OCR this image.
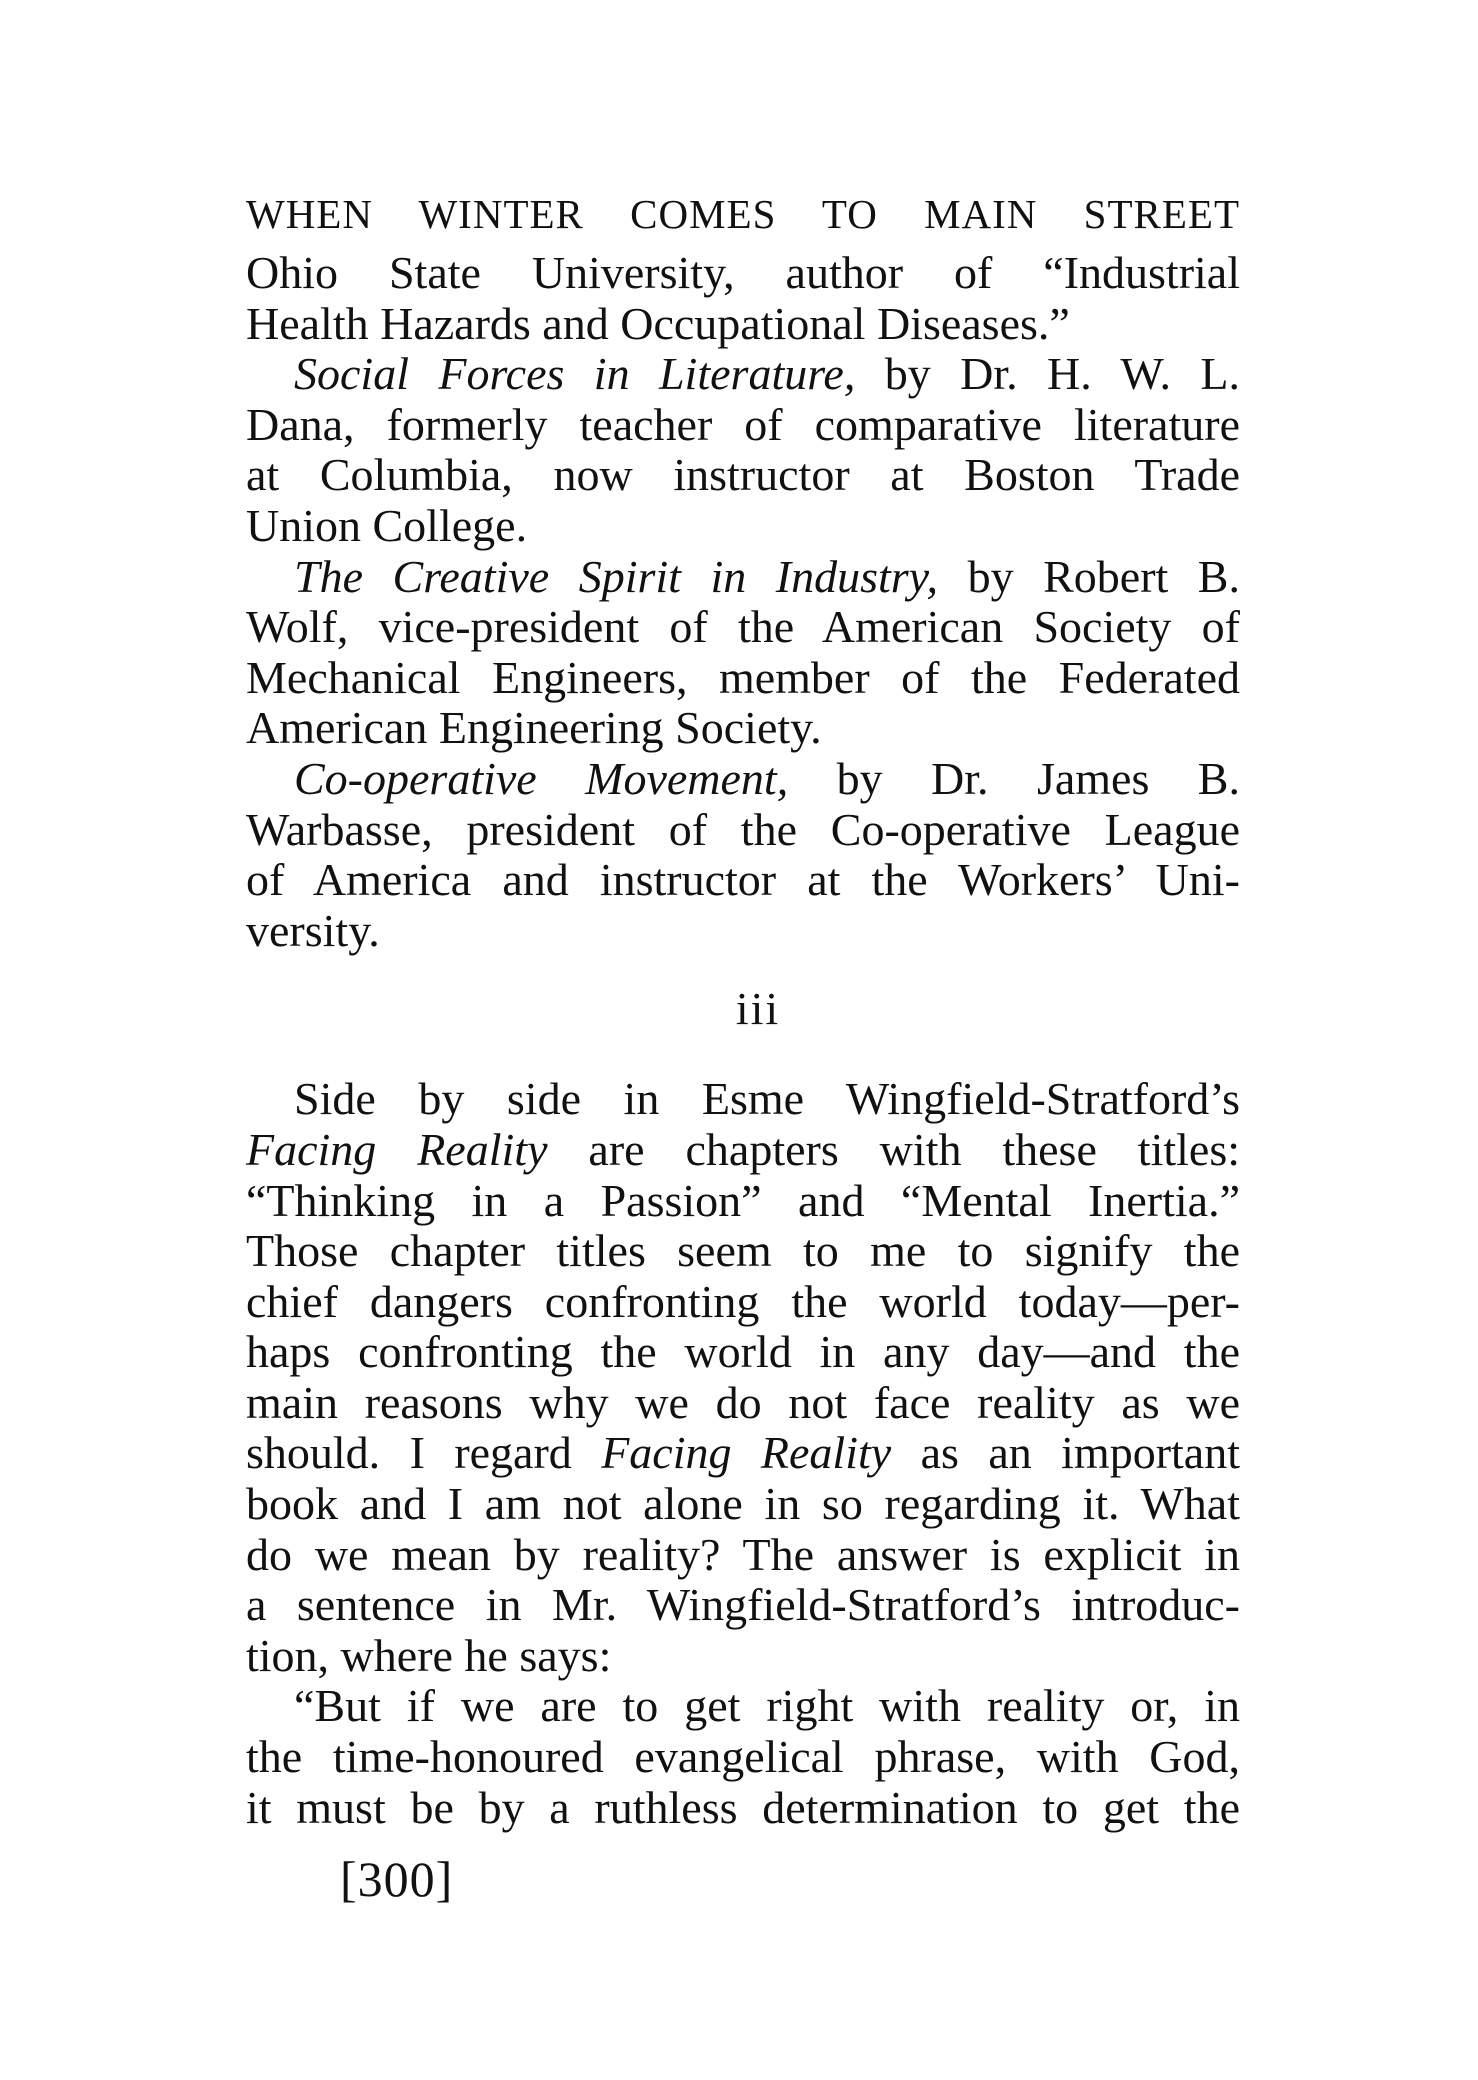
WHEN WINTER COMES TO MAIN STREET
Ohio State University, author of “Industrial
Health Hazards and Occupational Diseases.”
Social Forces in Literature, by Dr. H. W. L.
Dana, formerly teacher of comparative literature
at Columbia, now instructor at Boston Trade
Union College.
The Creative Spirit in Industry, by Robert B.
Wolf, vice-president of the American Society of
Mechanical Engineers, member of the Federated
American Engineering Society.
Co-operative Movement, by Dr. James B.
Warbasse, president of the Co-operative League
of America and instructor at the Workers’ Uni-
versity.
iii
Side by side in Esme Wingfield-Stratford’s
Facing Reality are chapters with these titles:
“Thinking in a Passion” and “Mental Inertia.”
Those chapter titles seem to me to signify the
chief dangers confronting the world today—per-
haps confronting the world in any day—and the
main reasons why we do not face reality as we
should. I regard Facing Reality as an important
book and I am not alone in so regarding it. What
do we mean by reality? The answer is explicit in
a sentence in Mr. Wingfield-Stratford’s introduc-
tion, where he says:
“But if we are to get right with reality or, in
the time-honoured evangelical phrase, with God,
it must be by a ruthless determination to get the
[300]
